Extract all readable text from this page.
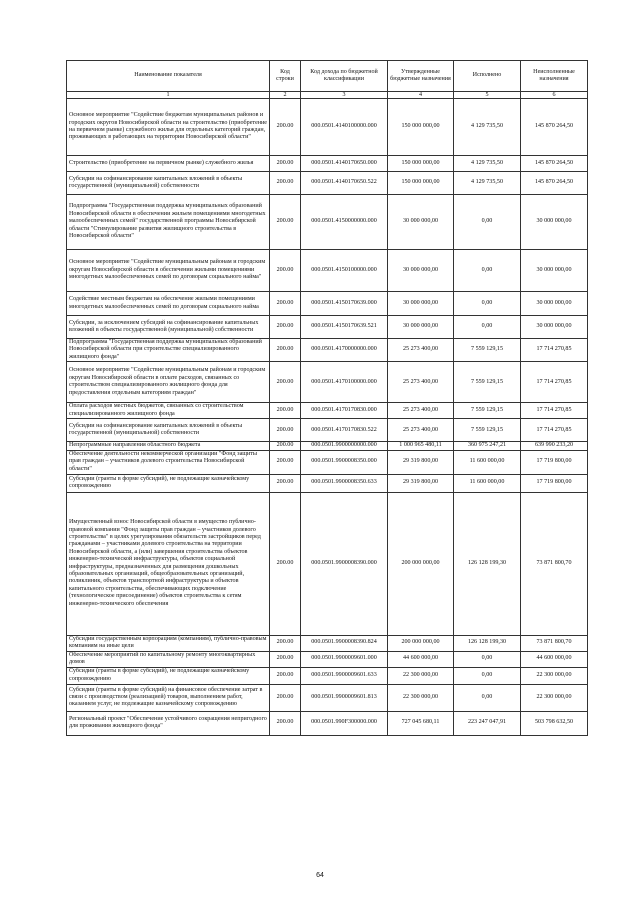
Наименование показателя	Код строки	Код дохода по бюджетной классификации	Утвержденные бюджетные назначения	Исполнено	Неисполненные назначения
1	2	3	4	5	6
Основное мероприятие "Содействие бюджетам муниципальных районов и городских округов Новосибирской области на строительство (приобретение на первичном рынке) служебного жилья для отдельных категорий граждан, проживающих в работающих на территории Новосибирской области"	200.00	000.0501.4140100000.000	150 000 000,00	4 129 735,50	145 870 264,50
Строительство (приобретение на первичном рынке) служебного жилья	200.00	000.0501.4140170650.000	150 000 000,00	4 129 735,50	145 870 264,50
Субсидии на софинансирование капитальных вложений в объекты государственной (муниципальной) собственности	200.00	000.0501.4140170650.522	150 000 000,00	4 129 735,50	145 870 264,50
Подпрограмма "Государственная поддержка муниципальных образований Новосибирской области в обеспечении жильем помещениями многодетных малообеспеченных семей" государственной программы Новосибирской области "Стимулирование развития жилищного строительства в Новосибирской области"	200.00	000.0501.4150000000.000	30 000 000,00	0,00	30 000 000,00
Основное мероприятие "Содействие муниципальным районам и городским округам Новосибирской области в обеспечении жилыми помещениями многодетных малообеспеченных семей по договорам социального найма"	200.00	000.0501.4150100000.000	30 000 000,00	0,00	30 000 000,00
Содействие местным бюджетам на обеспечение жилыми помещениями многодетных малообеспеченных семей по договорам социального найма	200.00	000.0501.4150170639.000	30 000 000,00	0,00	30 000 000,00
Субсидии, за исключением субсидий на софинансирование капитальных вложений в объекты государственной (муниципальной) собственности	200.00	000.0501.4150170639.521	30 000 000,00	0,00	30 000 000,00
Подпрограмма "Государственная поддержка муниципальных образований Новосибирской области при строительстве специализированного жилищного фонда"	200.00	000.0501.4170000000.000	25 273 400,00	7 559 129,15	17 714 270,85
Основное мероприятие "Содействие муниципальным районам и городским округам Новосибирской области в оплате расходов, связанных со строительством специализированного жилищного фонда для предоставления отдельным категориям граждан"	200.00	000.0501.4170100000.000	25 273 400,00	7 559 129,15	17 714 270,85
Оплата расходов местных бюджетов, связанных со строительством специализированного жилищного фонда	200.00	000.0501.4170170830.000	25 273 400,00	7 559 129,15	17 714 270,85
Субсидии на софинансирование капитальных вложений в объекты государственной (муниципальной) собственности	200.00	000.0501.4170170830.522	25 273 400,00	7 559 129,15	17 714 270,85
Непрограммные направления областного бюджета	200.00	000.0501.9900000000.000	1 000 965 480,11	360 975 247,21	639 990 233,20
Обеспечение деятельности некоммерческой организации "Фонд защиты прав граждан – участников долевого строительства Новосибирской области"	200.00	000.0501.9900008350.000	29 319 800,00	11 600 000,00	17 719 800,00
Субсидии (гранты в форме субсидий), не подлежащие казначейскому сопровождению	200.00	000.0501.9900008350.633	29 319 800,00	11 600 000,00	17 719 800,00
Имущественный взнос Новосибирской области в имущество публично-правовой компании "Фонд защиты прав граждан – участников долевого строительства" в целях урегулирования обязательств застройщиков перед гражданами – участниками долевого строительства на территории Новосибирской области, а (или) завершения строительства объектов инженерно-технической инфраструктуры, объектов социальной инфраструктуры, предназначенных для размещения дошкольных образовательных организаций, общеобразовательных организаций, поликлиник, объектов транспортной инфраструктуры и объектов капитального строительства, обеспечивающих подключение (технологическое присоединение) объектов строительства к сетям инженерно-технического обеспечения	200.00	000.0501.9900008390.000	200 000 000,00	126 128 199,30	73 871 800,70
Субсидии государственным корпорациям (компаниям), публично-правовым компаниям на иные цели	200.00	000.0501.9900008390.824	200 000 000,00	126 128 199,30	73 871 800,70
Обеспечение мероприятий по капитальному ремонту многоквартирных домов	200.00	000.0501.9900009601.000	44 600 000,00	0,00	44 600 000,00
Субсидии (гранты в форме субсидий), не подлежащие казначейскому сопровождению	200.00	000.0501.9900009601.633	22 300 000,00	0,00	22 300 000,00
Субсидии (гранты в форме субсидий) на финансовое обеспечение затрат в связи с производством (реализацией) товаров, выполнением работ, оказанием услуг, не подлежащие казначейскому сопровождению	200.00	000.0501.9900009601.813	22 300 000,00	0,00	22 300 000,00
Региональный проект "Обеспечение устойчивого сокращения непригодного для проживания жилищного фонда"	200.00	000.0501.990F300000.000	727 045 680,11	223 247 047,91	503 798 632,50
64
